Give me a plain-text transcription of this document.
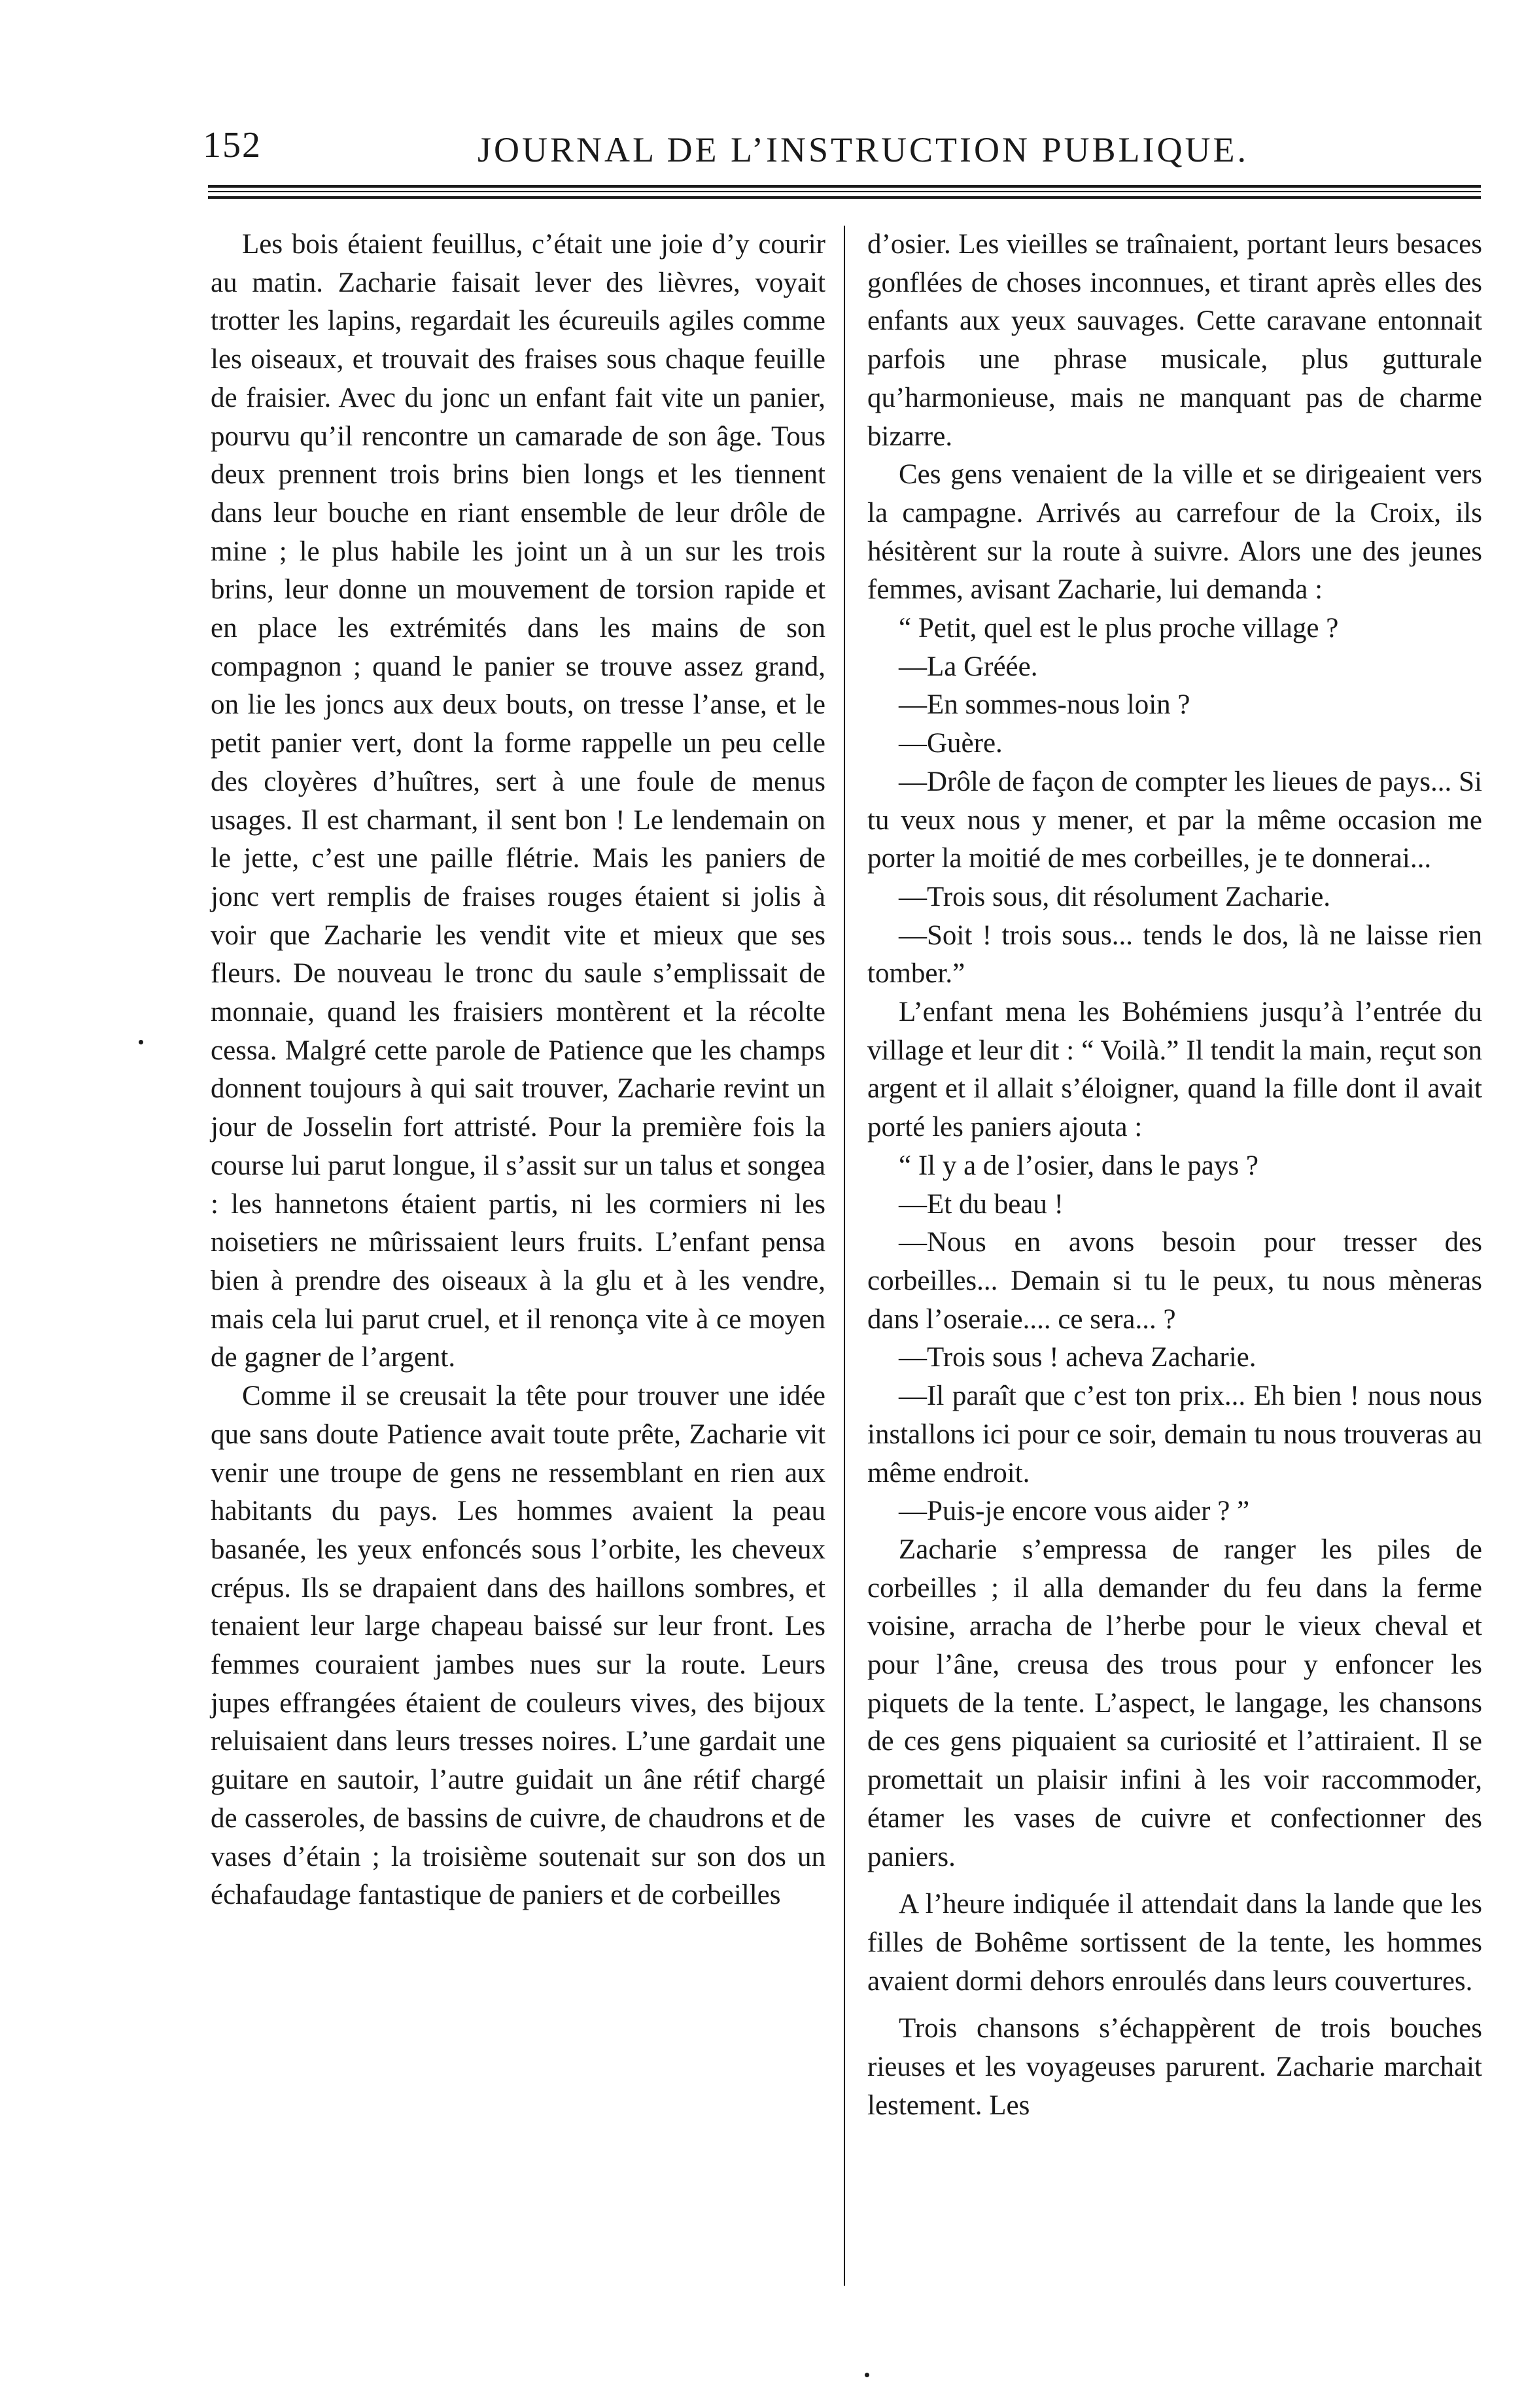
152	JOURNAL DE L’INSTRUCTION PUBLIQUE.

Les bois étaient feuillus, c’était une joie d’y courir au matin. Zacharie faisait lever des lièvres, voyait trotter les lapins, regardait les écureuils agiles comme les oiseaux, et trouvait des fraises sous chaque feuille de fraisier. Avec du jonc un enfant fait vite un panier, pourvu qu’il rencontre un camarade de son âge. Tous deux prennent trois brins bien longs et les tiennent dans leur bouche en riant ensemble de leur drôle de mine ; le plus habile les joint un à un sur les trois brins, leur donne un mouvement de torsion rapide et en place les extrémités dans les mains de son compagnon ; quand le panier se trouve assez grand, on lie les joncs aux deux bouts, on tresse l’anse, et le petit panier vert, dont la forme rappelle un peu celle des cloyères d’huîtres, sert à une foule de menus usages. Il est charmant, il sent bon ! Le lendemain on le jette, c’est une paille flétrie. Mais les paniers de jonc vert remplis de fraises rouges étaient si jolis à voir que Zacharie les vendit vite et mieux que ses fleurs. De nouveau le tronc du saule s’emplissait de monnaie, quand les fraisiers montèrent et la récolte cessa. Malgré cette parole de Patience que les champs donnent toujours à qui sait trouver, Zacharie revint un jour de Josselin fort attristé. Pour la première fois la course lui parut longue, il s’assit sur un talus et songea : les hannetons étaient partis, ni les cormiers ni les noisetiers ne mûrissaient leurs fruits. L’enfant pensa bien à prendre des oiseaux à la glu et à les vendre, mais cela lui parut cruel, et il renonça vite à ce moyen de gagner de l’argent.

Comme il se creusait la tête pour trouver une idée que sans doute Patience avait toute prête, Zacharie vit venir une troupe de gens ne ressemblant en rien aux habitants du pays. Les hommes avaient la peau basanée, les yeux enfoncés sous l’orbite, les cheveux crépus. Ils se drapaient dans des haillons sombres, et tenaient leur large chapeau baissé sur leur front. Les femmes couraient jambes nues sur la route. Leurs jupes effrangées étaient de couleurs vives, des bijoux reluisaient dans leurs tresses noires. L’une gardait une guitare en sautoir, l’autre guidait un âne rétif chargé de casseroles, de bassins de cuivre, de chaudrons et de vases d’étain ; la troisième soutenait sur son dos un échafaudage fantastique de paniers et de corbeilles

d’osier. Les vieilles se traînaient, portant leurs besaces gonflées de choses inconnues, et tirant après elles des enfants aux yeux sauvages. Cette caravane entonnait parfois une phrase musicale, plus gutturale qu’harmonieuse, mais ne manquant pas de charme bizarre.

Ces gens venaient de la ville et se dirigeaient vers la campagne. Arrivés au carrefour de la Croix, ils hésitèrent sur la route à suivre. Alors une des jeunes femmes, avisant Zacharie, lui demanda :

“ Petit, quel est le plus proche village ?

—La Gréée.

—En sommes-nous loin ?

—Guère.

—Drôle de façon de compter les lieues de pays... Si tu veux nous y mener, et par la même occasion me porter la moitié de mes corbeilles, je te donnerai...

—Trois sous, dit résolument Zacharie.

—Soit ! trois sous... tends le dos, là ne laisse rien tomber.”

L’enfant mena les Bohémiens jusqu’à l’entrée du village et leur dit : “ Voilà.” Il tendit la main, reçut son argent et il allait s’éloigner, quand la fille dont il avait porté les paniers ajouta :

“ Il y a de l’osier, dans le pays ?

—Et du beau !

—Nous en avons besoin pour tresser des corbeilles... Demain si tu le peux, tu nous mèneras dans l’oseraie.... ce sera... ?

—Trois sous ! acheva Zacharie.

—Il paraît que c’est ton prix... Eh bien ! nous nous installons ici pour ce soir, demain tu nous trouveras au même endroit.

—Puis-je encore vous aider ? ”

Zacharie s’empressa de ranger les piles de corbeilles ; il alla demander du feu dans la ferme voisine, arracha de l’herbe pour le vieux cheval et pour l’âne, creusa des trous pour y enfoncer les piquets de la tente. L’aspect, le langage, les chansons de ces gens piquaient sa curiosité et l’attiraient. Il se promettait un plaisir infini à les voir raccommoder, étamer les vases de cuivre et confectionner des paniers.

A l’heure indiquée il attendait dans la lande que les filles de Bohême sortissent de la tente, les hommes avaient dormi dehors enroulés dans leurs couvertures.

Trois chansons s’échappèrent de trois bouches rieuses et les voyageuses parurent. Zacharie marchait lestement. Les
